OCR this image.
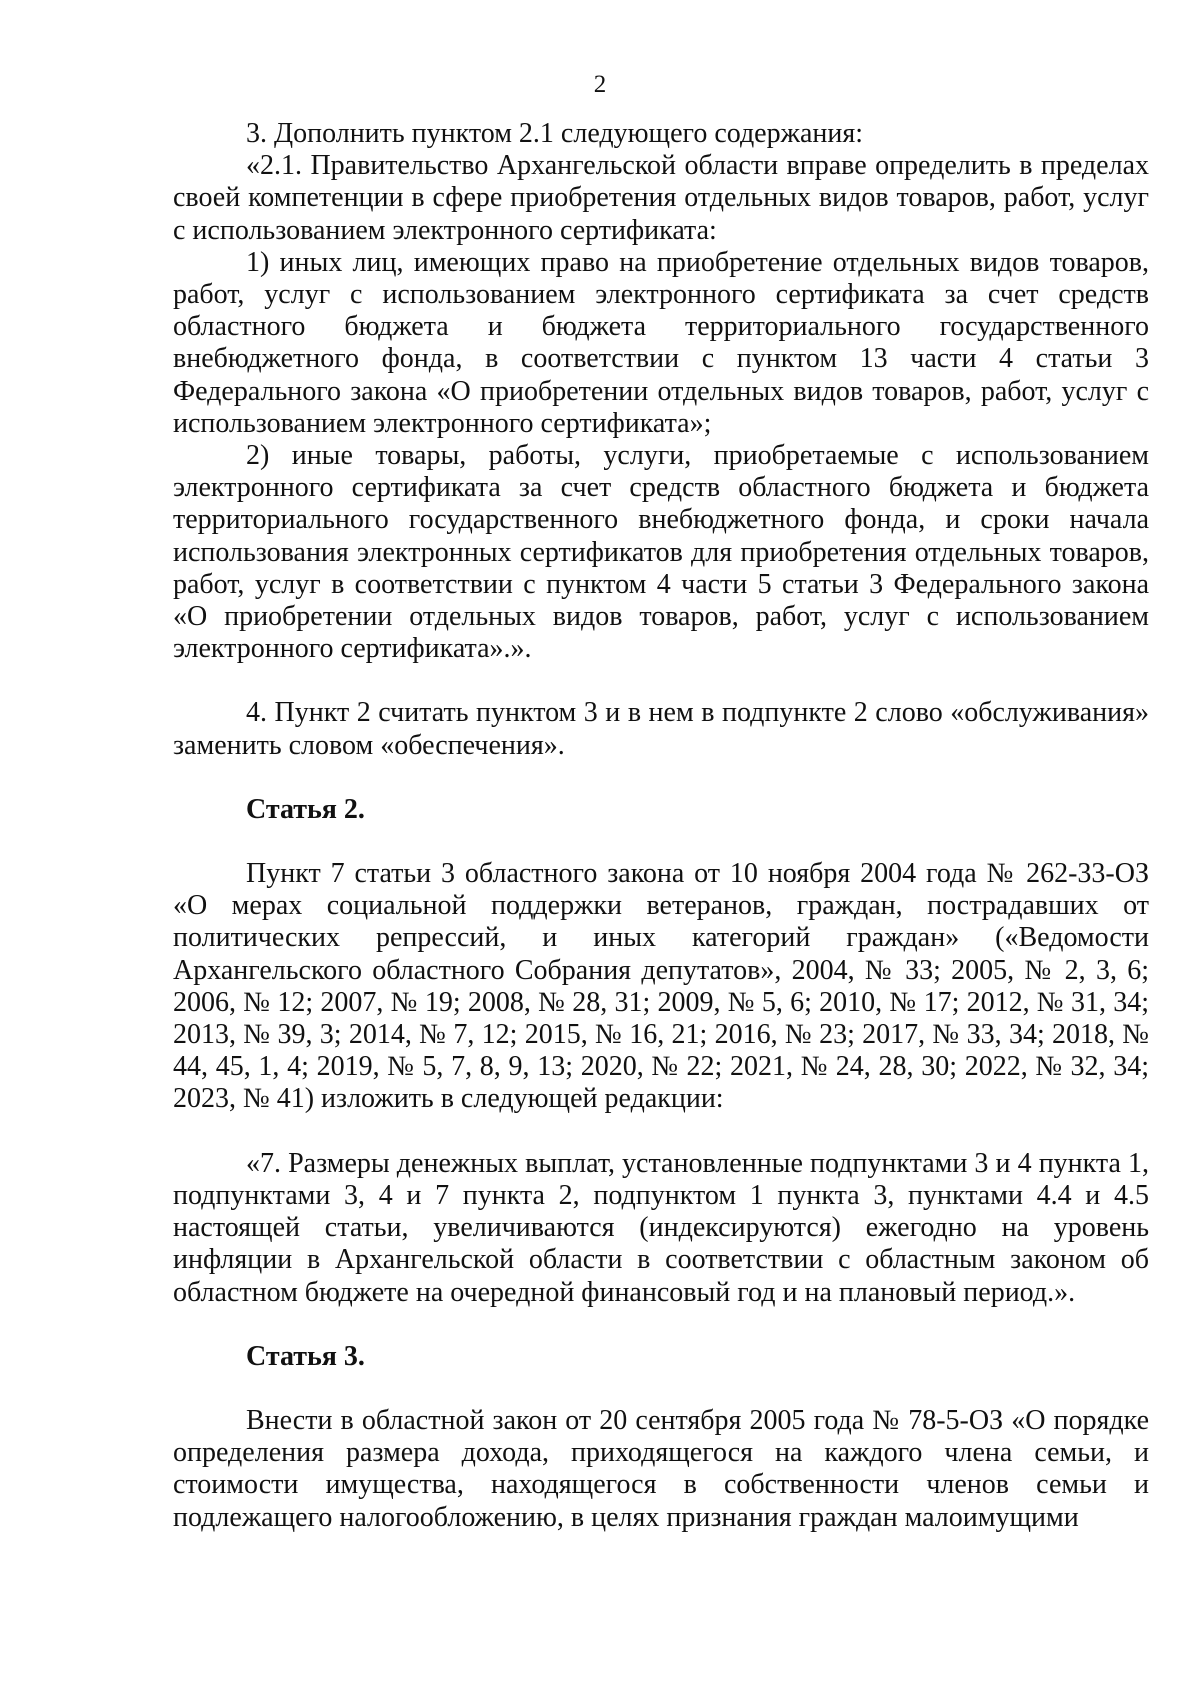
2

3. Дополнить пунктом 2.1 следующего содержания:

«2.1. Правительство Архангельской области вправе определить в пределах своей компетенции в сфере приобретения отдельных видов товаров, работ, услуг с использованием электронного сертификата:

1) иных лиц, имеющих право на приобретение отдельных видов товаров, работ, услуг с использованием электронного сертификата за счет средств областного бюджета и бюджета территориального государственного внебюджетного фонда, в соответствии с пунктом 13 части 4 статьи 3 Федерального закона «О приобретении отдельных видов товаров, работ, услуг с использованием электронного сертификата»;

2) иные товары, работы, услуги, приобретаемые с использованием электронного сертификата за счет средств областного бюджета и бюджета территориального государственного внебюджетного фонда, и сроки начала использования электронных сертификатов для приобретения отдельных товаров, работ, услуг в соответствии с пунктом 4 части 5 статьи 3 Федерального закона «О приобретении отдельных видов товаров, работ, услуг с использованием электронного сертификата».».

4. Пункт 2 считать пунктом 3 и в нем в подпункте 2 слово «обслуживания» заменить словом «обеспечения».

Статья 2.

Пункт 7 статьи 3 областного закона от 10 ноября 2004 года № 262-33-ОЗ «О мерах социальной поддержки ветеранов, граждан, пострадавших от политических репрессий, и иных категорий граждан» («Ведомости Архангельского областного Собрания депутатов», 2004, № 33; 2005, № 2, 3, 6; 2006, № 12; 2007, № 19; 2008, № 28, 31; 2009, № 5, 6; 2010, № 17; 2012, № 31, 34; 2013, № 39, 3; 2014, № 7, 12; 2015, № 16, 21; 2016, № 23; 2017, № 33, 34; 2018, № 44, 45, 1, 4; 2019, № 5, 7, 8, 9, 13; 2020, № 22; 2021, № 24, 28, 30; 2022, № 32, 34; 2023, № 41) изложить в следующей редакции:

«7. Размеры денежных выплат, установленные подпунктами 3 и 4 пункта 1, подпунктами 3, 4 и 7 пункта 2, подпунктом 1 пункта 3, пунктами 4.4 и 4.5 настоящей статьи, увеличиваются (индексируются) ежегодно на уровень инфляции в Архангельской области в соответствии с областным законом об областном бюджете на очередной финансовый год и на плановый период.».

Статья 3.

Внести в областной закон от 20 сентября 2005 года № 78-5-ОЗ «О порядке определения размера дохода, приходящегося на каждого члена семьи, и стоимости имущества, находящегося в собственности членов семьи и подлежащего налогообложению, в целях признания граждан малоимущими
